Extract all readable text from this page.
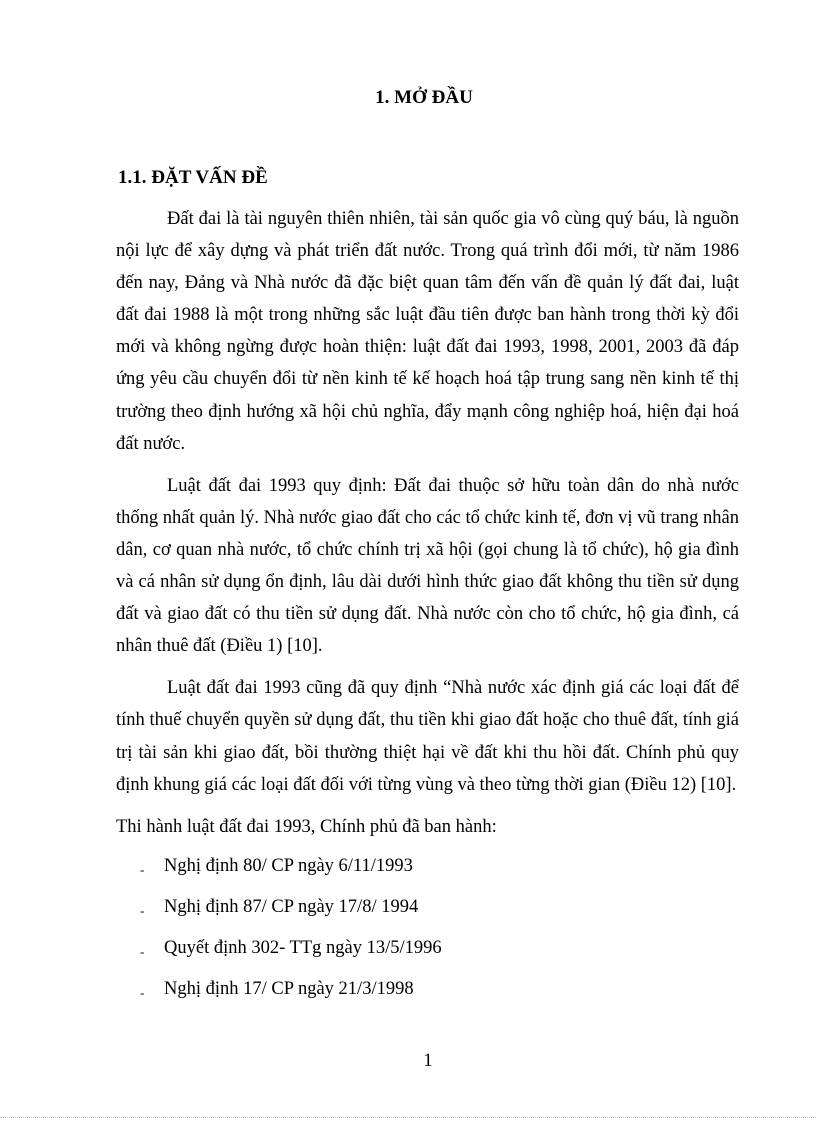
1. MỞ ĐẦU
1.1. ĐẶT VẤN ĐỀ

Đất đai là tài nguyên thiên nhiên, tài sản quốc gia vô cùng quý báu, là nguồn nội lực để xây dựng và phát triển đất nước. Trong quá trình đổi mới, từ năm 1986 đến nay, Đảng và Nhà nước đã đặc biệt quan tâm đến vấn đề quản lý đất đai, luật đất đai 1988 là một trong những sắc luật đầu tiên được ban hành trong thời kỳ đổi mới và không ngừng được hoàn thiện: luật đất đai 1993, 1998, 2001, 2003 đã đáp ứng yêu cầu chuyển đổi từ nền kinh tế kế hoạch hoá tập trung sang nền kinh tế thị trường theo định hướng xã hội chủ nghĩa, đẩy mạnh công nghiệp hoá, hiện đại hoá đất nước.

Luật đất đai 1993 quy định: Đất đai thuộc sở hữu toàn dân do nhà nước thống nhất quản lý. Nhà nước giao đất cho các tổ chức kinh tế, đơn vị vũ trang nhân dân, cơ quan nhà nước, tổ chức chính trị xã hội (gọi chung là tổ chức), hộ gia đình và cá nhân sử dụng ổn định, lâu dài dưới hình thức giao đất không thu tiền sử dụng đất và giao đất có thu tiền sử dụng đất. Nhà nước còn cho tổ chức, hộ gia đình, cá nhân thuê đất (Điều 1) [10].

Luật đất đai 1993 cũng đã quy định “Nhà nước xác định giá các loại đất để tính thuế chuyển quyền sử dụng đất, thu tiền khi giao đất hoặc cho thuê đất, tính giá trị tài sản khi giao đất, bồi thường thiệt hại về đất khi thu hồi đất. Chính phủ quy định khung giá các loại đất đối với từng vùng và theo từng thời gian (Điều 12) [10].

Thi hành luật đất đai 1993, Chính phủ đã ban hành:

- Nghị định 80/ CP ngày 6/11/1993
- Nghị định 87/ CP ngày 17/8/ 1994
- Quyết định 302- TTg ngày 13/5/1996
- Nghị định 17/ CP ngày 21/3/1998
1
